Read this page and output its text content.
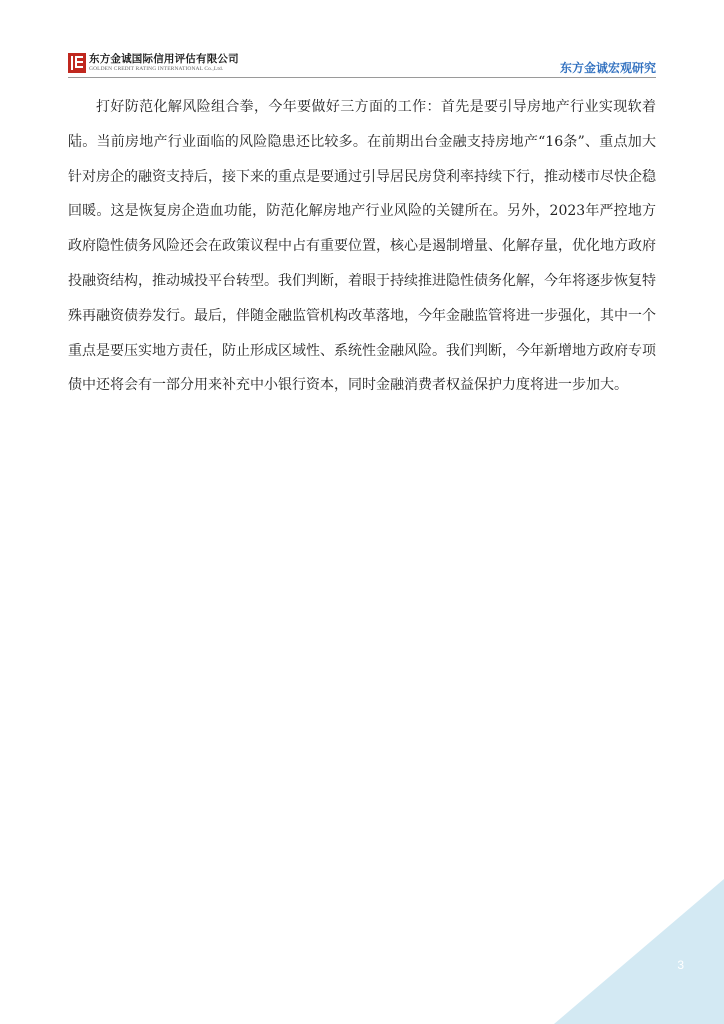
东方金诚国际信用评估有限公司
GOLDEN CREDIT RATING INTERNATIONAL Co.,Ltd.	东方金诚宏观研究

打好防范化解风险组合拳，今年要做好三方面的工作：首先是要引导房地产行业实现软着陆。当前房地产行业面临的风险隐患还比较多。在前期出台金融支持房地产“16条”、重点加大针对房企的融资支持后，接下来的重点是要通过引导居民房贷利率持续下行，推动楼市尽快企稳回暖。这是恢复房企造血功能，防范化解房地产行业风险的关键所在。另外，2023年严控地方政府隐性债务风险还会在政策议程中占有重要位置，核心是遏制增量、化解存量，优化地方政府投融资结构，推动城投平台转型。我们判断，着眼于持续推进隐性债务化解，今年将逐步恢复特殊再融资债券发行。最后，伴随金融监管机构改革落地，今年金融监管将进一步强化，其中一个重点是要压实地方责任，防止形成区域性、系统性金融风险。我们判断，今年新增地方政府专项债中还将会有一部分用来补充中小银行资本，同时金融消费者权益保护力度将进一步加大。

3
